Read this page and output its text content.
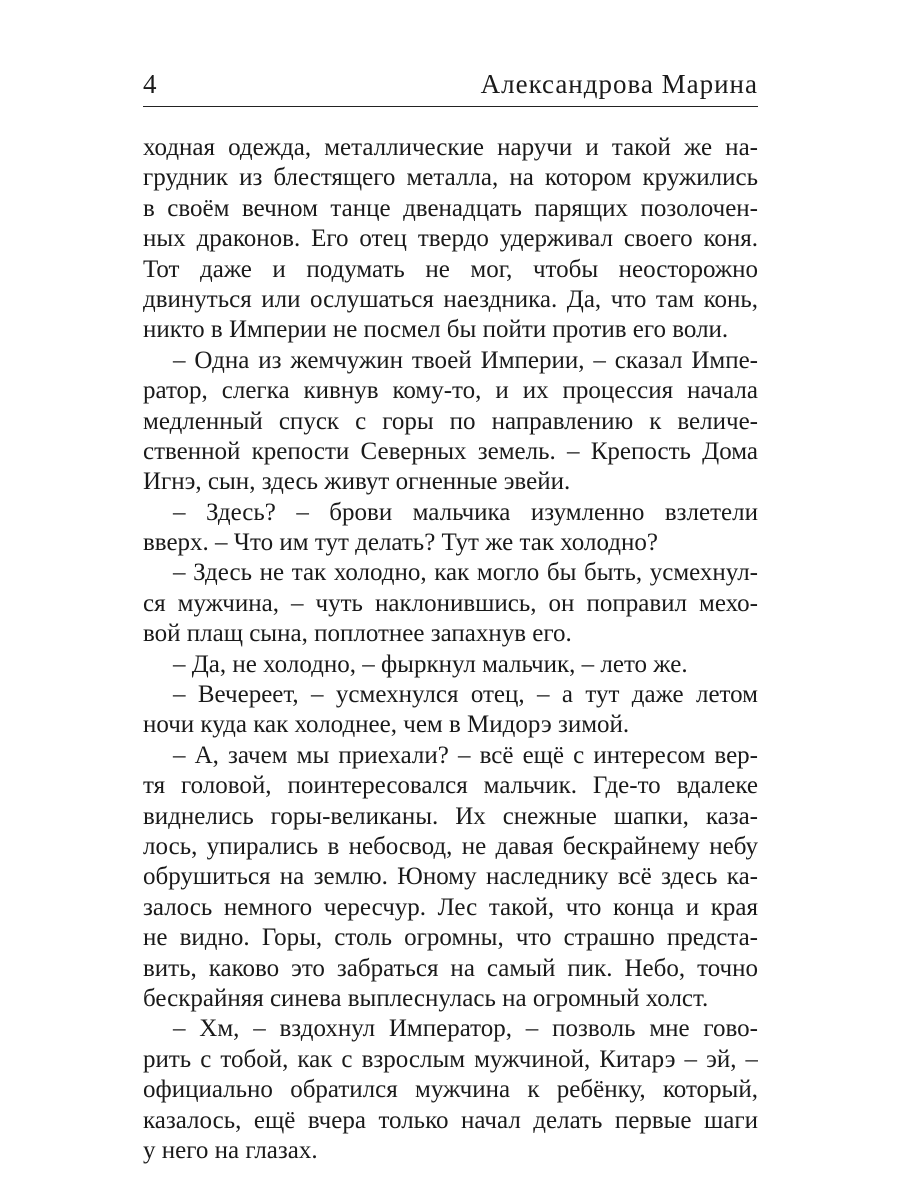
4	Александрова Марина
ходная одежда, металлические наручи и такой же на-
грудник из блестящего металла, на котором кружились
в своём вечном танце двенадцать парящих позолочен-
ных драконов. Его отец твердо удерживал своего коня.
Тот даже и подумать не мог, чтобы неосторожно
двинуться или ослушаться наездника. Да, что там конь,
никто в Империи не посмел бы пойти против его воли.
– Одна из жемчужин твоей Империи, – сказал Импе-
ратор, слегка кивнув кому-то, и их процессия начала
медленный спуск с горы по направлению к величе-
ственной крепости Северных земель. – Крепость Дома
Игнэ, сын, здесь живут огненные эвейи.
– Здесь? – брови мальчика изумленно взлетели
вверх. – Что им тут делать? Тут же так холодно?
– Здесь не так холодно, как могло бы быть, усмехнул-
ся мужчина, – чуть наклонившись, он поправил мехо-
вой плащ сына, поплотнее запахнув его.
– Да, не холодно, – фыркнул мальчик, – лето же.
– Вечереет, – усмехнулся отец, – а тут даже летом
ночи куда как холоднее, чем в Мидорэ зимой.
– А, зачем мы приехали? – всё ещё с интересом вер-
тя головой, поинтересовался мальчик. Где-то вдалеке
виднелись горы-великаны. Их снежные шапки, каза-
лось, упирались в небосвод, не давая бескрайнему небу
обрушиться на землю. Юному наследнику всё здесь ка-
залось немного чересчур. Лес такой, что конца и края
не видно. Горы, столь огромны, что страшно предста-
вить, каково это забраться на самый пик. Небо, точно
бескрайняя синева выплеснулась на огромный холст.
– Хм, – вздохнул Император, – позволь мне гово-
рить с тобой, как с взрослым мужчиной, Китарэ – эй, –
официально обратился мужчина к ребёнку, который,
казалось, ещё вчера только начал делать первые шаги
у него на глазах.
